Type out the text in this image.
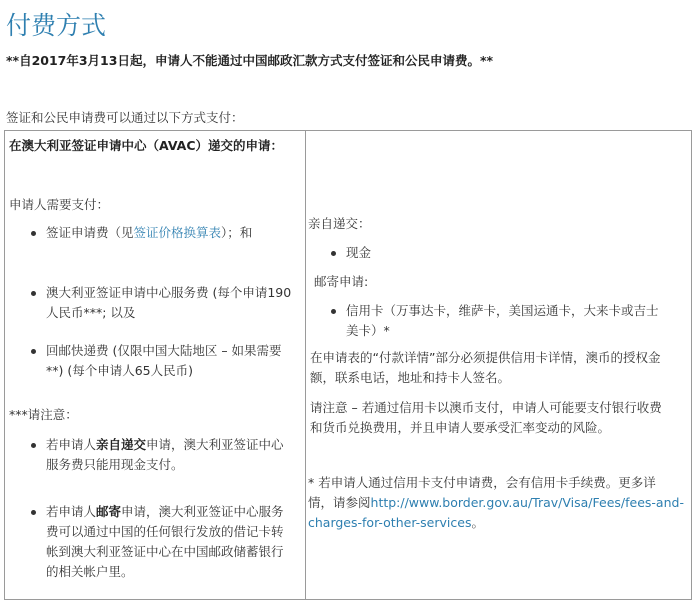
付费方式
**自2017年3月13日起，申请人不能通过中国邮政汇款方式支付签证和公民申请费。**
签证和公民申请费可以通过以下方式支付：
在澳大利亚签证申请中心（AVAC）递交的申请：
申请人需要支付：
签证申请费（见签证价格换算表）；和
澳大利亚签证申请中心服务费 (每个申请190
人民币***; 以及
回邮快递费 (仅限中国大陆地区 – 如果需要
**) (每个申请人65人民币)
***请注意：
若申请人亲自递交申请，澳大利亚签证中心
服务费只能用现金支付。
若申请人邮寄申请，澳大利亚签证中心服务
费可以通过中国的任何银行发放的借记卡转
帐到澳大利亚签证中心在中国邮政储蓄银行
的相关帐户里。
亲自递交：
现金
邮寄申请:
信用卡（万事达卡，维萨卡，美国运通卡，大来卡或吉士
美卡）*
在申请表的“付款详情”部分必须提供信用卡详情，澳币的授权金
额，联系电话，地址和持卡人签名。
请注意 – 若通过信用卡以澳币支付，申请人可能要支付银行收费
和货币兑换费用，并且申请人要承受汇率变动的风险。
* 若申请人通过信用卡支付申请费，会有信用卡手续费。更多详
情，请参阅http://www.border.gov.au/Trav/Visa/Fees/fees-and-
charges-for-other-services。
